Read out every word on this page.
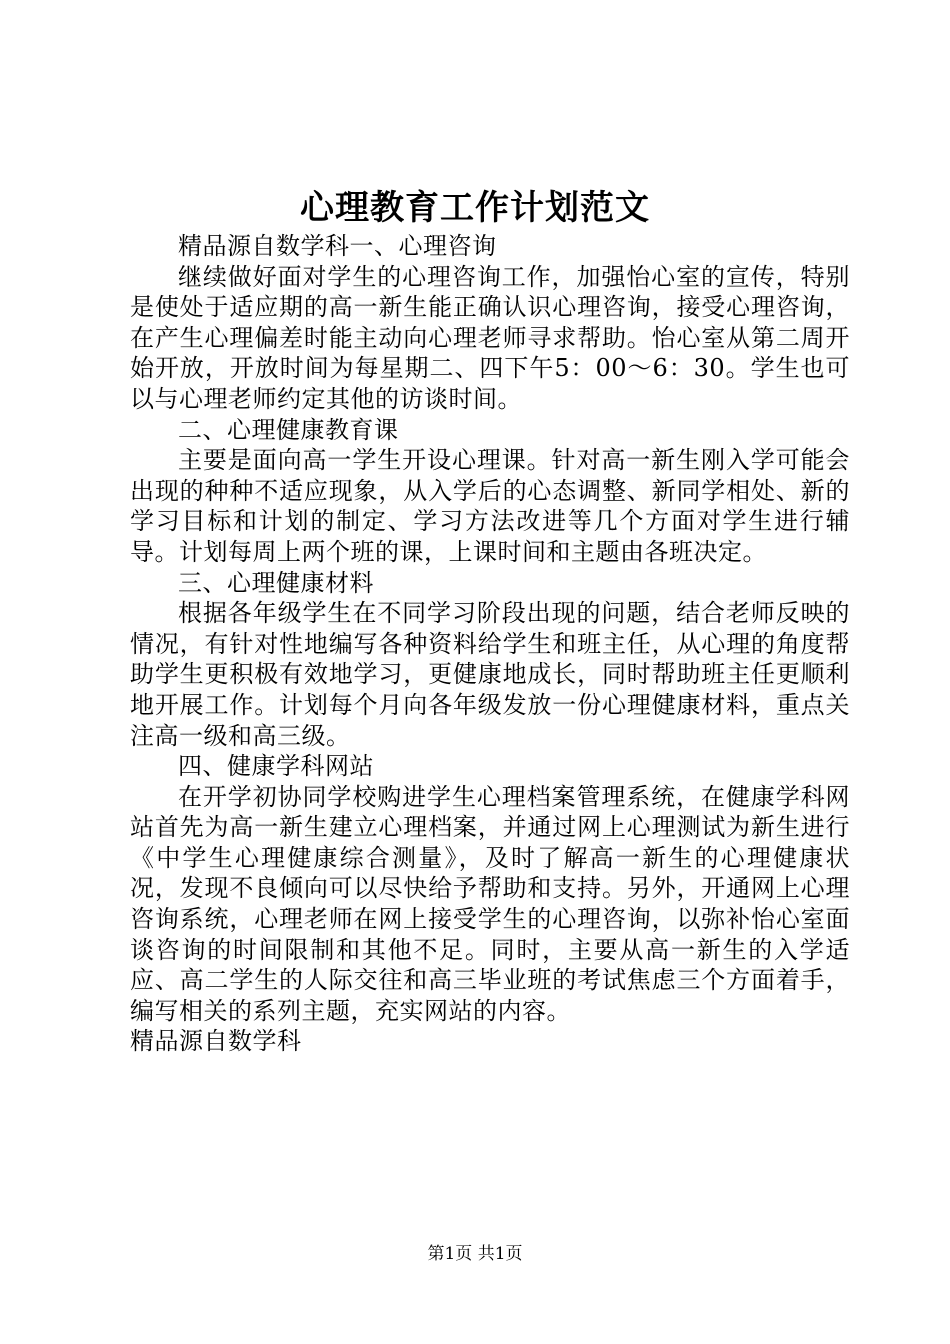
心理教育工作计划范文

精品源自数学科一、心理咨询

继续做好面对学生的心理咨询工作，加强怡心室的宣传，特别是使处于适应期的高一新生能正确认识心理咨询，接受心理咨询，在产生心理偏差时能主动向心理老师寻求帮助。怡心室从第二周开始开放，开放时间为每星期二、四下午5：00～6：30。学生也可以与心理老师约定其他的访谈时间。

二、心理健康教育课

主要是面向高一学生开设心理课。针对高一新生刚入学可能会出现的种种不适应现象，从入学后的心态调整、新同学相处、新的学习目标和计划的制定、学习方法改进等几个方面对学生进行辅导。计划每周上两个班的课，上课时间和主题由各班决定。

三、心理健康材料

根据各年级学生在不同学习阶段出现的问题，结合老师反映的情况，有针对性地编写各种资料给学生和班主任，从心理的角度帮助学生更积极有效地学习，更健康地成长，同时帮助班主任更顺利地开展工作。计划每个月向各年级发放一份心理健康材料，重点关注高一级和高三级。

四、健康学科网站

在开学初协同学校购进学生心理档案管理系统，在健康学科网站首先为高一新生建立心理档案，并通过网上心理测试为新生进行《中学生心理健康综合测量》，及时了解高一新生的心理健康状况，发现不良倾向可以尽快给予帮助和支持。另外，开通网上心理咨询系统，心理老师在网上接受学生的心理咨询，以弥补怡心室面谈咨询的时间限制和其他不足。同时，主要从高一新生的入学适应、高二学生的人际交往和高三毕业班的考试焦虑三个方面着手，编写相关的系列主题，充实网站的内容。

精品源自数学科

第1页 共1页
